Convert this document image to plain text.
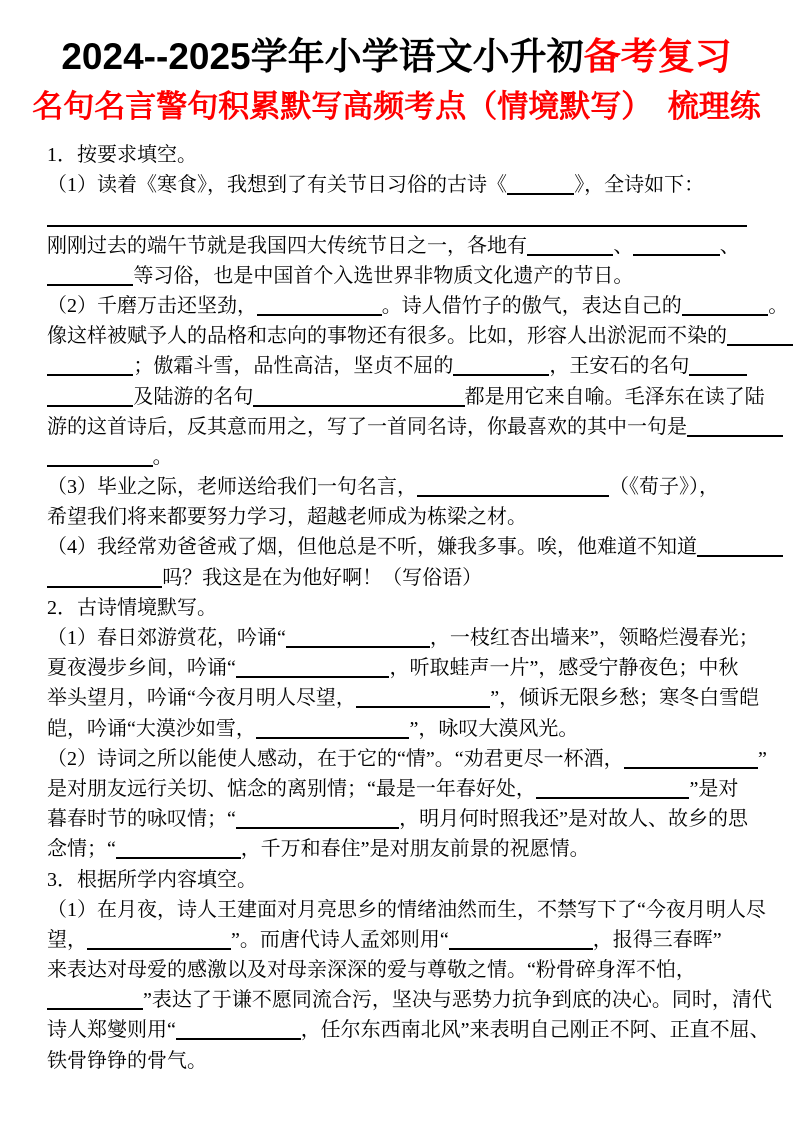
2024--2025学年小学语文小升初备考复习
名句名言警句积累默写高频考点（情境默写）　梳理练
1．按要求填空。
（1）读着《寒食》，我想到了有关节日习俗的古诗《	》，全诗如下：
刚刚过去的端午节就是我国四大传统节日之一，各地有	、	、
等习俗，也是中国首个入选世界非物质文化遗产的节日。
（2）千磨万击还坚劲，	。诗人借竹子的傲气，表达自己的	。
像这样被赋予人的品格和志向的事物还有很多。比如，形容人出淤泥而不染的
；傲霜斗雪，品性高洁，坚贞不屈的	，王安石的名句
及陆游的名句	都是用它来自喻。毛泽东在读了陆
游的这首诗后，反其意而用之，写了一首同名诗，你最喜欢的其中一句是
。
（3）毕业之际，老师送给我们一句名言，	（《荀子》），
希望我们将来都要努力学习，超越老师成为栋梁之材。
（4）我经常劝爸爸戒了烟，但他总是不听，嫌我多事。唉，他难道不知道
吗？我这是在为他好啊！（写俗语）
2．古诗情境默写。
（1）春日郊游赏花，吟诵“	，一枝红杏出墙来”，领略烂漫春光；
夏夜漫步乡间，吟诵“	，听取蛙声一片”，感受宁静夜色；中秋
举头望月，吟诵“今夜月明人尽望，	”，倾诉无限乡愁；寒冬白雪皑
皑，吟诵“大漠沙如雪，	”，咏叹大漠风光。
（2）诗词之所以能使人感动，在于它的“情”。“劝君更尽一杯酒，	”
是对朋友远行关切、惦念的离别情；“最是一年春好处，	”是对
暮春时节的咏叹情；“	，明月何时照我还”是对故人、故乡的思
念情；“	，千万和春住”是对朋友前景的祝愿情。
3．根据所学内容填空。
（1）在月夜，诗人王建面对月亮思乡的情绪油然而生，不禁写下了“今夜月明人尽
望，	”。而唐代诗人孟郊则用“	，报得三春晖”
来表达对母爱的感激以及对母亲深深的爱与尊敬之情。“粉骨碎身浑不怕，
”表达了于谦不愿同流合污，坚决与恶势力抗争到底的决心。同时，清代
诗人郑燮则用“	，任尔东西南北风”来表明自己刚正不阿、正直不屈、
铁骨铮铮的骨气。
